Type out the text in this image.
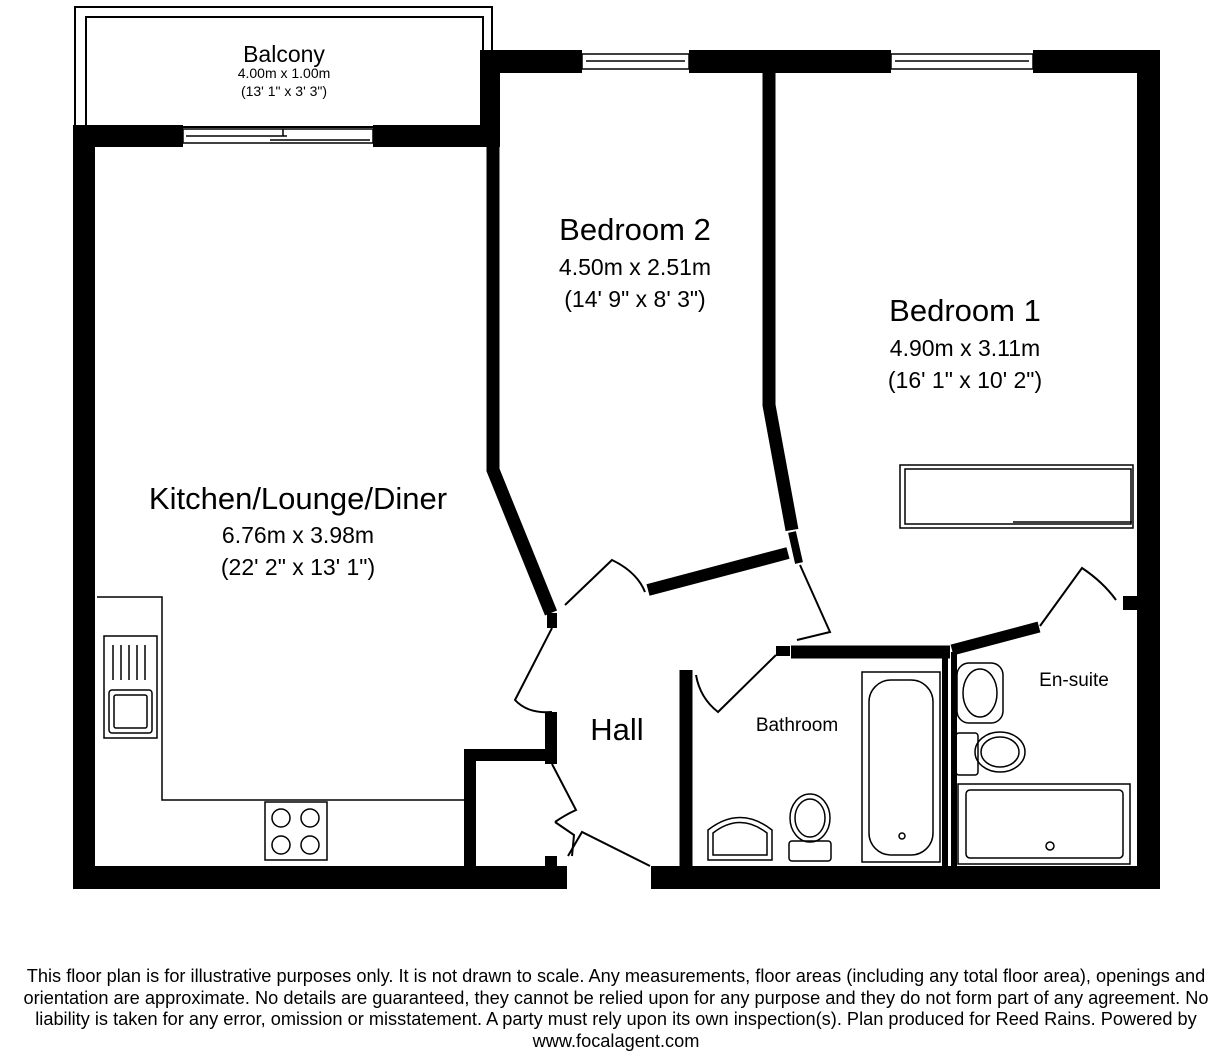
Balcony
4.00m x 1.00m
(13' 1" x 3' 3")
Bedroom 2
4.50m x 2.51m
(14' 9" x 8' 3")	Bedroom 1
4.90m x 3.11m
(16' 1" x 10' 2")
Kitchen/Lounge/Diner
6.76m x 3.98m
(22' 2" x 13' 1")
Hall	Bathroom
En-suite
This floor plan is for illustrative purposes only. It is not drawn to scale. Any measurements, floor areas (including any total floor area), openings and orientation are approximate. No details are guaranteed, they cannot be relied upon for any purpose and they do not form part of any agreement. No liability is taken for any error, omission or misstatement. A party must rely upon its own inspection(s). Plan produced for Reed Rains. Powered by www.focalagent.com
